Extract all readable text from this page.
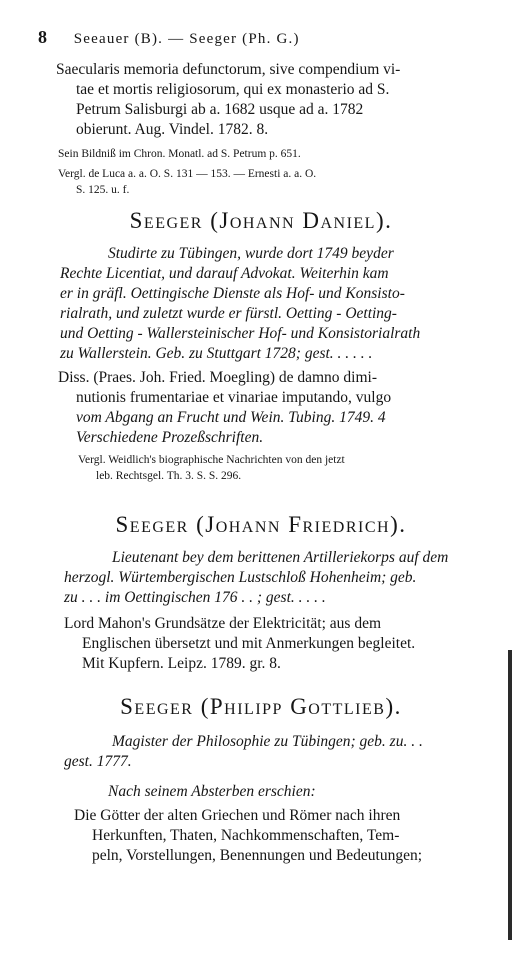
8 Seeauer (B). — Seeger (Ph. G.)
Saecularis memoria defunctorum, sive compendium vi-
tae et mortis religiosorum, qui ex monasterio ad S.
Petrum Salisburgi ab a. 1682 usque ad a. 1782
obierunt. Aug. Vindel. 1782. 8.
Sein Bildniß im Chron. Monatl. ad S. Petrum p. 651.
Vergl. de Luca a. a. O. S. 131 — 153. — Ernesti a. a. O.
S. 125. u. f.
Seeger (Johann Daniel).
Studirte zu Tübingen, wurde dort 1749 beyder
Rechte Licentiat, und darauf Advokat. Weiterhin kam
er in gräfl. Oettingische Dienste als Hof- und Konsisto-
rialrath, und zuletzt wurde er fürstl. Oetting - Oetting-
und Oetting - Wallersteinischer Hof- und Konsistorialrath
zu Wallerstein. Geb. zu Stuttgart 1728; gest. . . . . .
Diss. (Praes. Joh. Fried. Moegling) de damno dimi-
nutionis frumentariae et vinariae imputando, vulgo
vom Abgang an Frucht und Wein. Tubing. 1749. 4
Verschiedene Prozeßschriften.
Vergl. Weidlich's biographische Nachrichten von den jetzt
leb. Rechtsgel. Th. 3. S. S. 296.
Seeger (Johann Friedrich).
Lieutenant bey dem berittenen Artilleriekorps auf dem
herzogl. Würtembergischen Lustschloß Hohenheim; geb.
zu . . . im Oettingischen 176 . . ; gest. . . . .
Lord Mahon's Grundsätze der Elektricität; aus dem
Englischen übersetzt und mit Anmerkungen begleitet.
Mit Kupfern. Leipz. 1789. gr. 8.
Seeger (Philipp Gottlieb).
Magister der Philosophie zu Tübingen; geb. zu. . .
gest. 1777.
Nach seinem Absterben erschien:
Die Götter der alten Griechen und Römer nach ihren
Herkunften, Thaten, Nachkommenschaften, Tem-
peln, Vorstellungen, Benennungen und Bedeutungen;
